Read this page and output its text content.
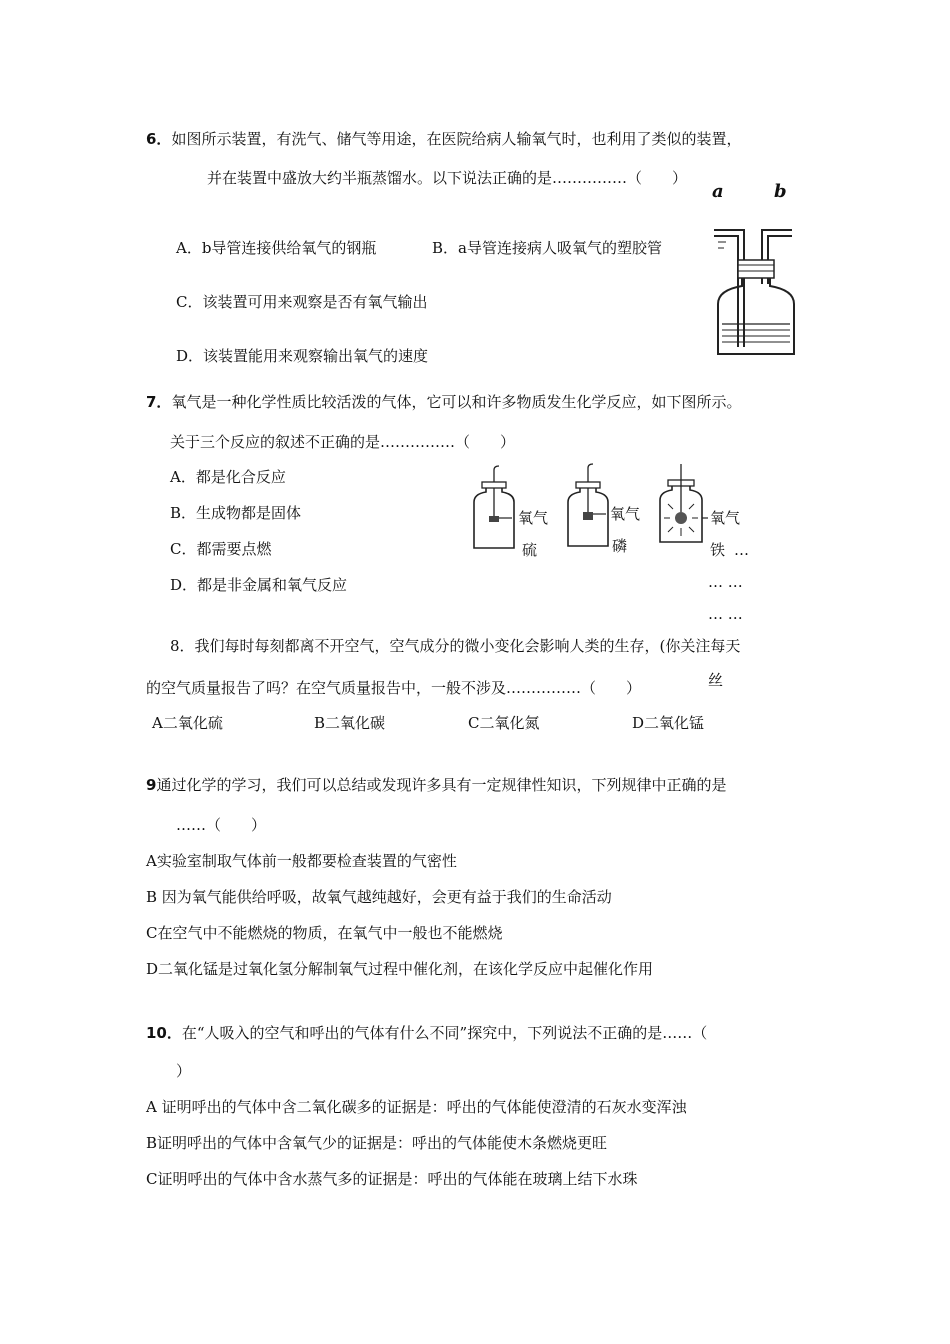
6．如图所示装置，有洗气、储气等用途，在医院给病人输氧气时，也利用了类似的装置，
并在装置中盛放大约半瓶蒸馏水。以下说法正确的是……………（　　）
A．b导管连接供给氧气的钢瓶	B．a导管连接病人吸氧气的塑胶管
C．该装置可用来观察是否有氧气输出
D．该装置能用来观察输出氧气的速度
a	b
7．氧气是一种化学性质比较活泼的气体，它可以和许多物质发生化学反应，如下图所示。
关于三个反应的叙述不正确的是……………（　　）
A．都是化合反应
B．生成物都是固体
C．都需要点燃
D．都是非金属和氧气反应
氧气
硫
氧气
磷
氧气
铁 …
… …
… …
8．我们每时每刻都离不开空气，空气成分的微小变化会影响人类的生存，(你关注每天
的空气质量报告了吗？在空气质量报告中，一般不涉及……………（　　）	丝
A二氧化硫	B二氧化碳	C二氧化氮	D二氧化锰
9通过化学的学习，我们可以总结或发现许多具有一定规律性知识，下列规律中正确的是
……（　　）
A实验室制取气体前一般都要检查装置的气密性
B 因为氧气能供给呼吸，故氧气越纯越好，会更有益于我们的生命活动
C在空气中不能燃烧的物质，在氧气中一般也不能燃烧
D二氧化锰是过氧化氢分解制氧气过程中催化剂，在该化学反应中起催化作用
10．在“人吸入的空气和呼出的气体有什么不同”探究中，下列说法不正确的是……（
）
A 证明呼出的气体中含二氧化碳多的证据是：呼出的气体能使澄清的石灰水变浑浊
B证明呼出的气体中含氧气少的证据是：呼出的气体能使木条燃烧更旺
C证明呼出的气体中含水蒸气多的证据是：呼出的气体能在玻璃上结下水珠
